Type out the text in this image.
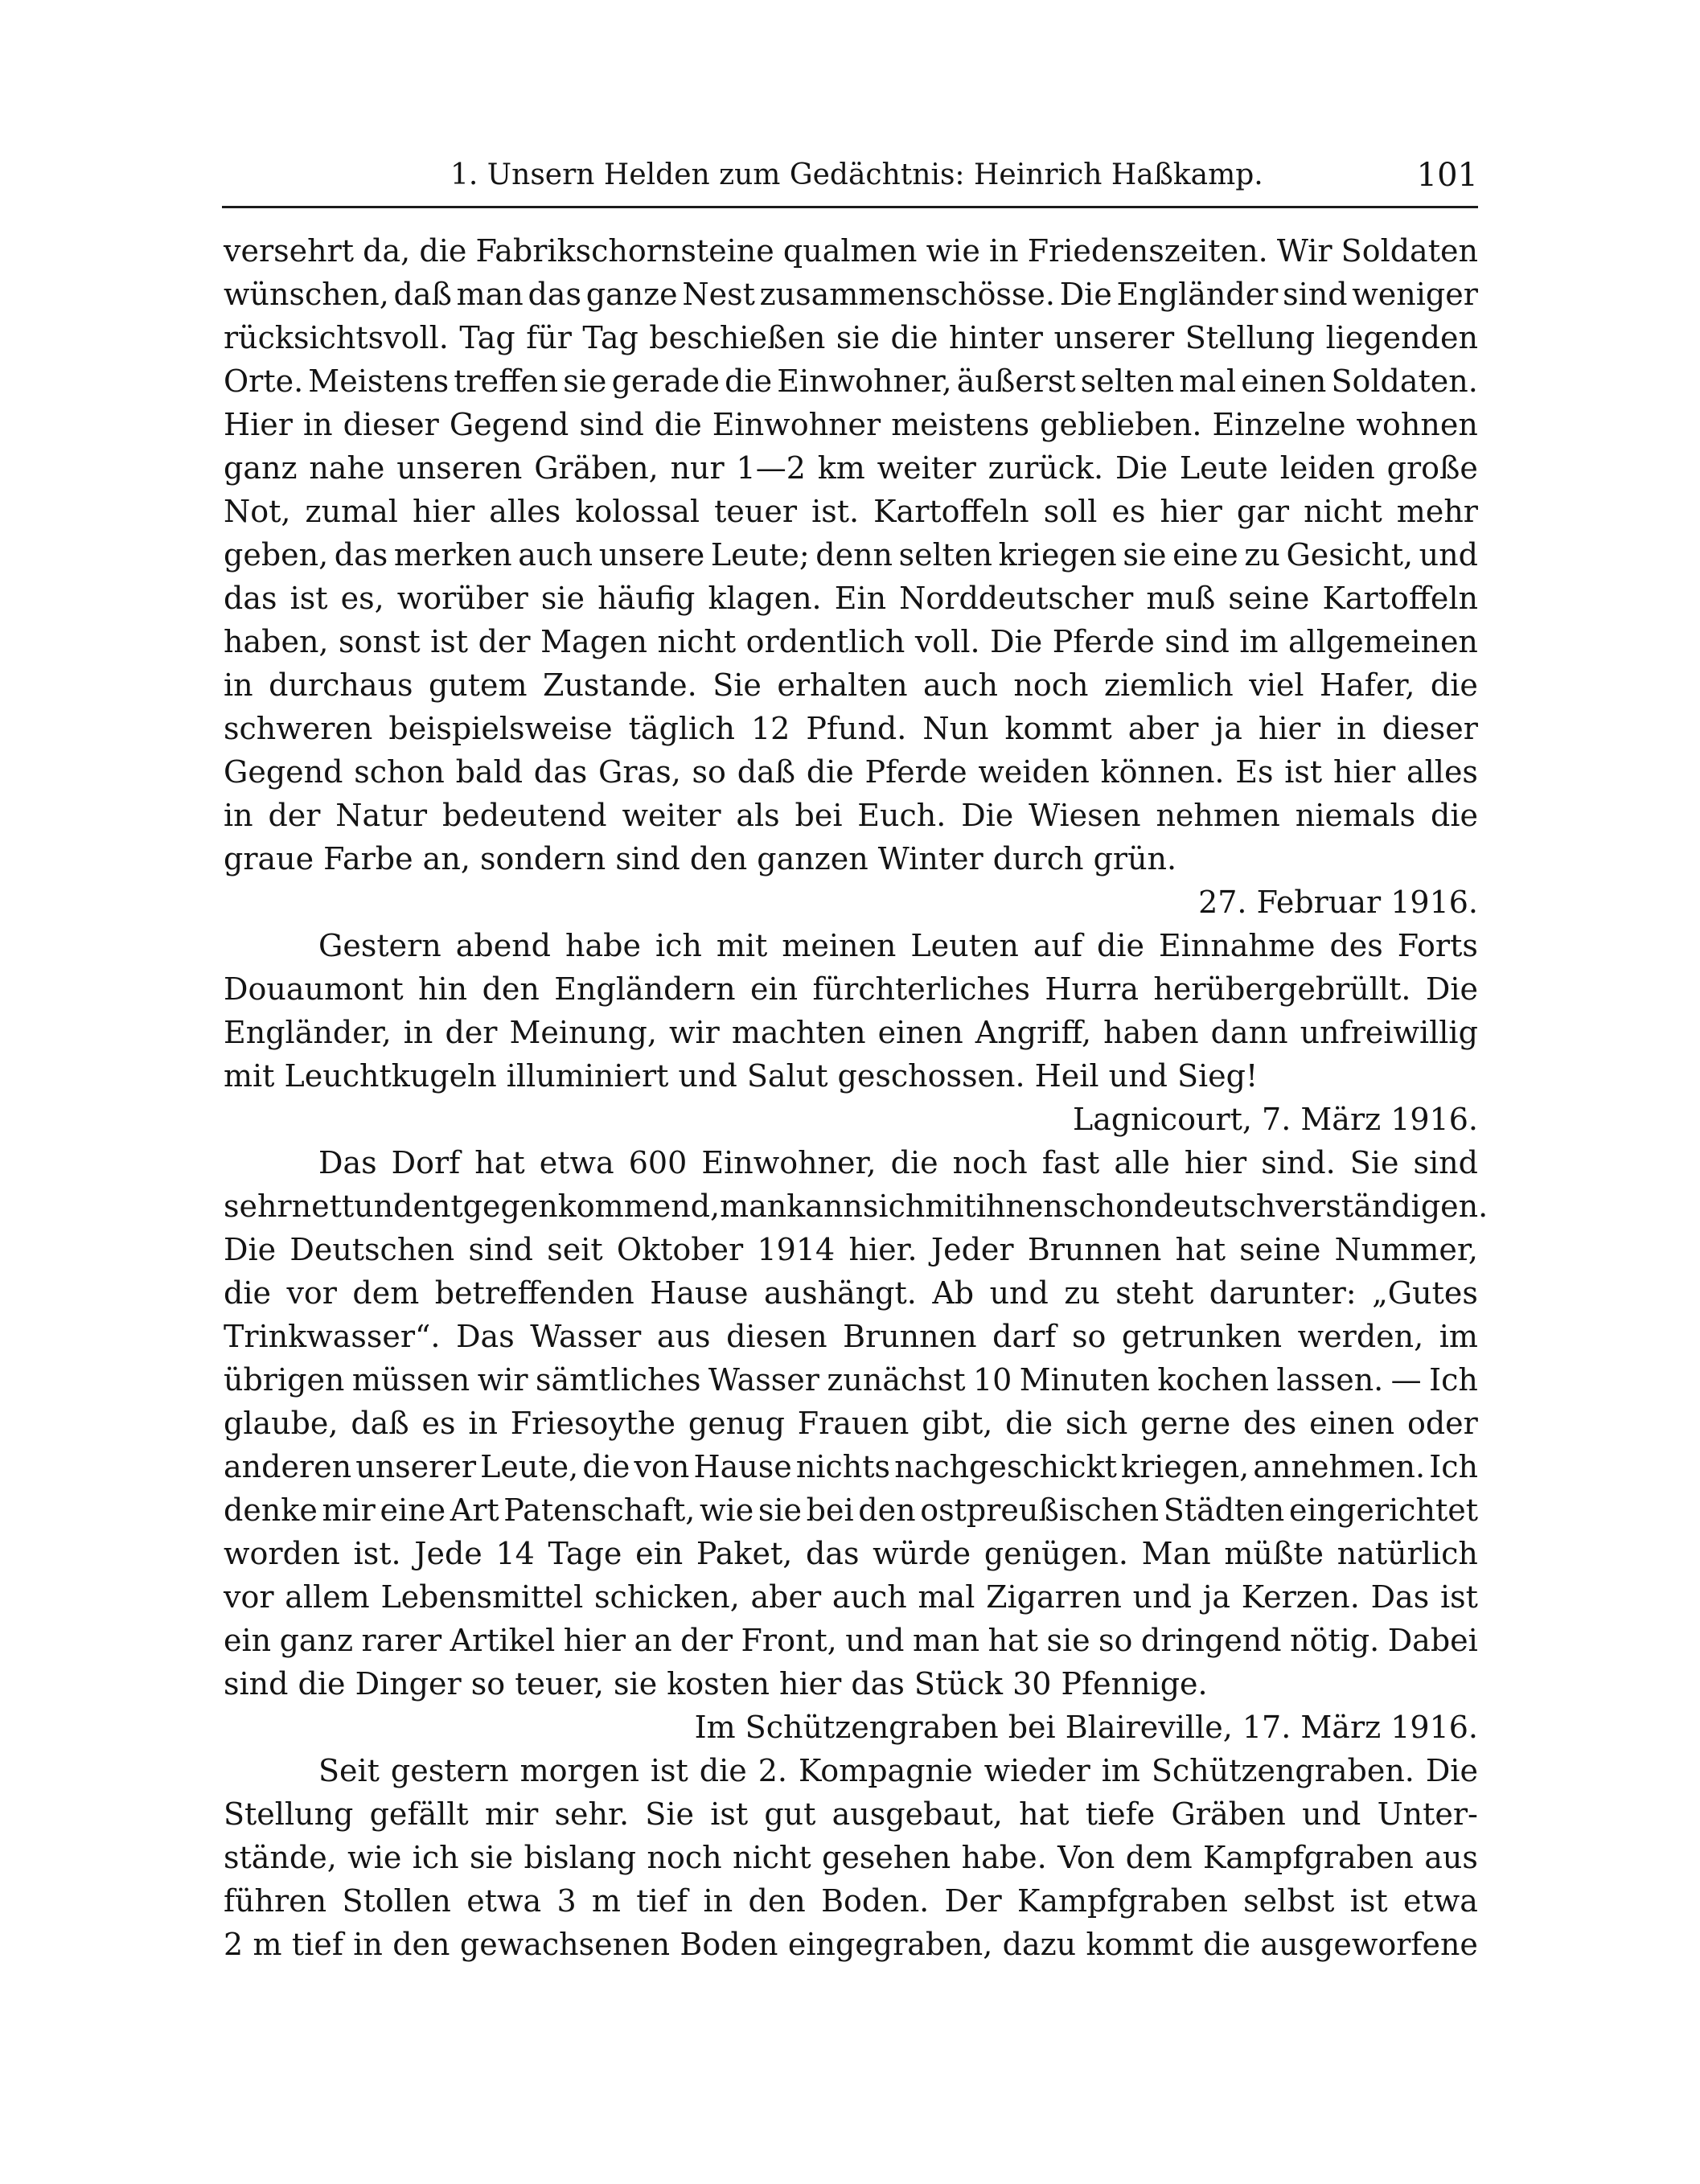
1. Unsern Helden zum Gedächtnis: Heinrich Haßkamp.	101
versehrt da, die Fabrikschornsteine qualmen wie in Friedenszeiten. Wir Soldaten
wünschen, daß man das ganze Nest zusammenschösse. Die Engländer sind weniger
rücksichtsvoll. Tag für Tag beschießen sie die hinter unserer Stellung liegenden
Orte. Meistens treffen sie gerade die Einwohner, äußerst selten mal einen Soldaten.
Hier in dieser Gegend sind die Einwohner meistens geblieben. Einzelne wohnen
ganz nahe unseren Gräben, nur 1—2 km weiter zurück. Die Leute leiden große
Not, zumal hier alles kolossal teuer ist. Kartoffeln soll es hier gar nicht mehr
geben, das merken auch unsere Leute; denn selten kriegen sie eine zu Gesicht, und
das ist es, worüber sie häufig klagen. Ein Norddeutscher muß seine Kartoffeln
haben, sonst ist der Magen nicht ordentlich voll. Die Pferde sind im allgemeinen
in durchaus gutem Zustande. Sie erhalten auch noch ziemlich viel Hafer, die
schweren beispielsweise täglich 12 Pfund. Nun kommt aber ja hier in dieser
Gegend schon bald das Gras, so daß die Pferde weiden können. Es ist hier alles
in der Natur bedeutend weiter als bei Euch. Die Wiesen nehmen niemals die
graue Farbe an, sondern sind den ganzen Winter durch grün.
27. Februar 1916.
Gestern abend habe ich mit meinen Leuten auf die Einnahme des Forts
Douaumont hin den Engländern ein fürchterliches Hurra herübergebrüllt. Die
Engländer, in der Meinung, wir machten einen Angriff, haben dann unfreiwillig
mit Leuchtkugeln illuminiert und Salut geschossen. Heil und Sieg!
Lagnicourt, 7. März 1916.
Das Dorf hat etwa 600 Einwohner, die noch fast alle hier sind. Sie sind
sehr nett und entgegenkommend, man kann sich mit ihnen schon deutsch verständigen.
Die Deutschen sind seit Oktober 1914 hier. Jeder Brunnen hat seine Nummer,
die vor dem betreffenden Hause aushängt. Ab und zu steht darunter: „Gutes
Trinkwasser“. Das Wasser aus diesen Brunnen darf so getrunken werden, im
übrigen müssen wir sämtliches Wasser zunächst 10 Minuten kochen lassen. — Ich
glaube, daß es in Friesoythe genug Frauen gibt, die sich gerne des einen oder
anderen unserer Leute, die von Hause nichts nachgeschickt kriegen, annehmen. Ich
denke mir eine Art Patenschaft, wie sie bei den ostpreußischen Städten eingerichtet
worden ist. Jede 14 Tage ein Paket, das würde genügen. Man müßte natürlich
vor allem Lebensmittel schicken, aber auch mal Zigarren und ja Kerzen. Das ist
ein ganz rarer Artikel hier an der Front, und man hat sie so dringend nötig. Dabei
sind die Dinger so teuer, sie kosten hier das Stück 30 Pfennige.
Im Schützengraben bei Blaireville, 17. März 1916.
Seit gestern morgen ist die 2. Kompagnie wieder im Schützengraben. Die
Stellung gefällt mir sehr. Sie ist gut ausgebaut, hat tiefe Gräben und Unter-
stände, wie ich sie bislang noch nicht gesehen habe. Von dem Kampfgraben aus
führen Stollen etwa 3 m tief in den Boden. Der Kampfgraben selbst ist etwa
2 m tief in den gewachsenen Boden eingegraben, dazu kommt die ausgeworfene
